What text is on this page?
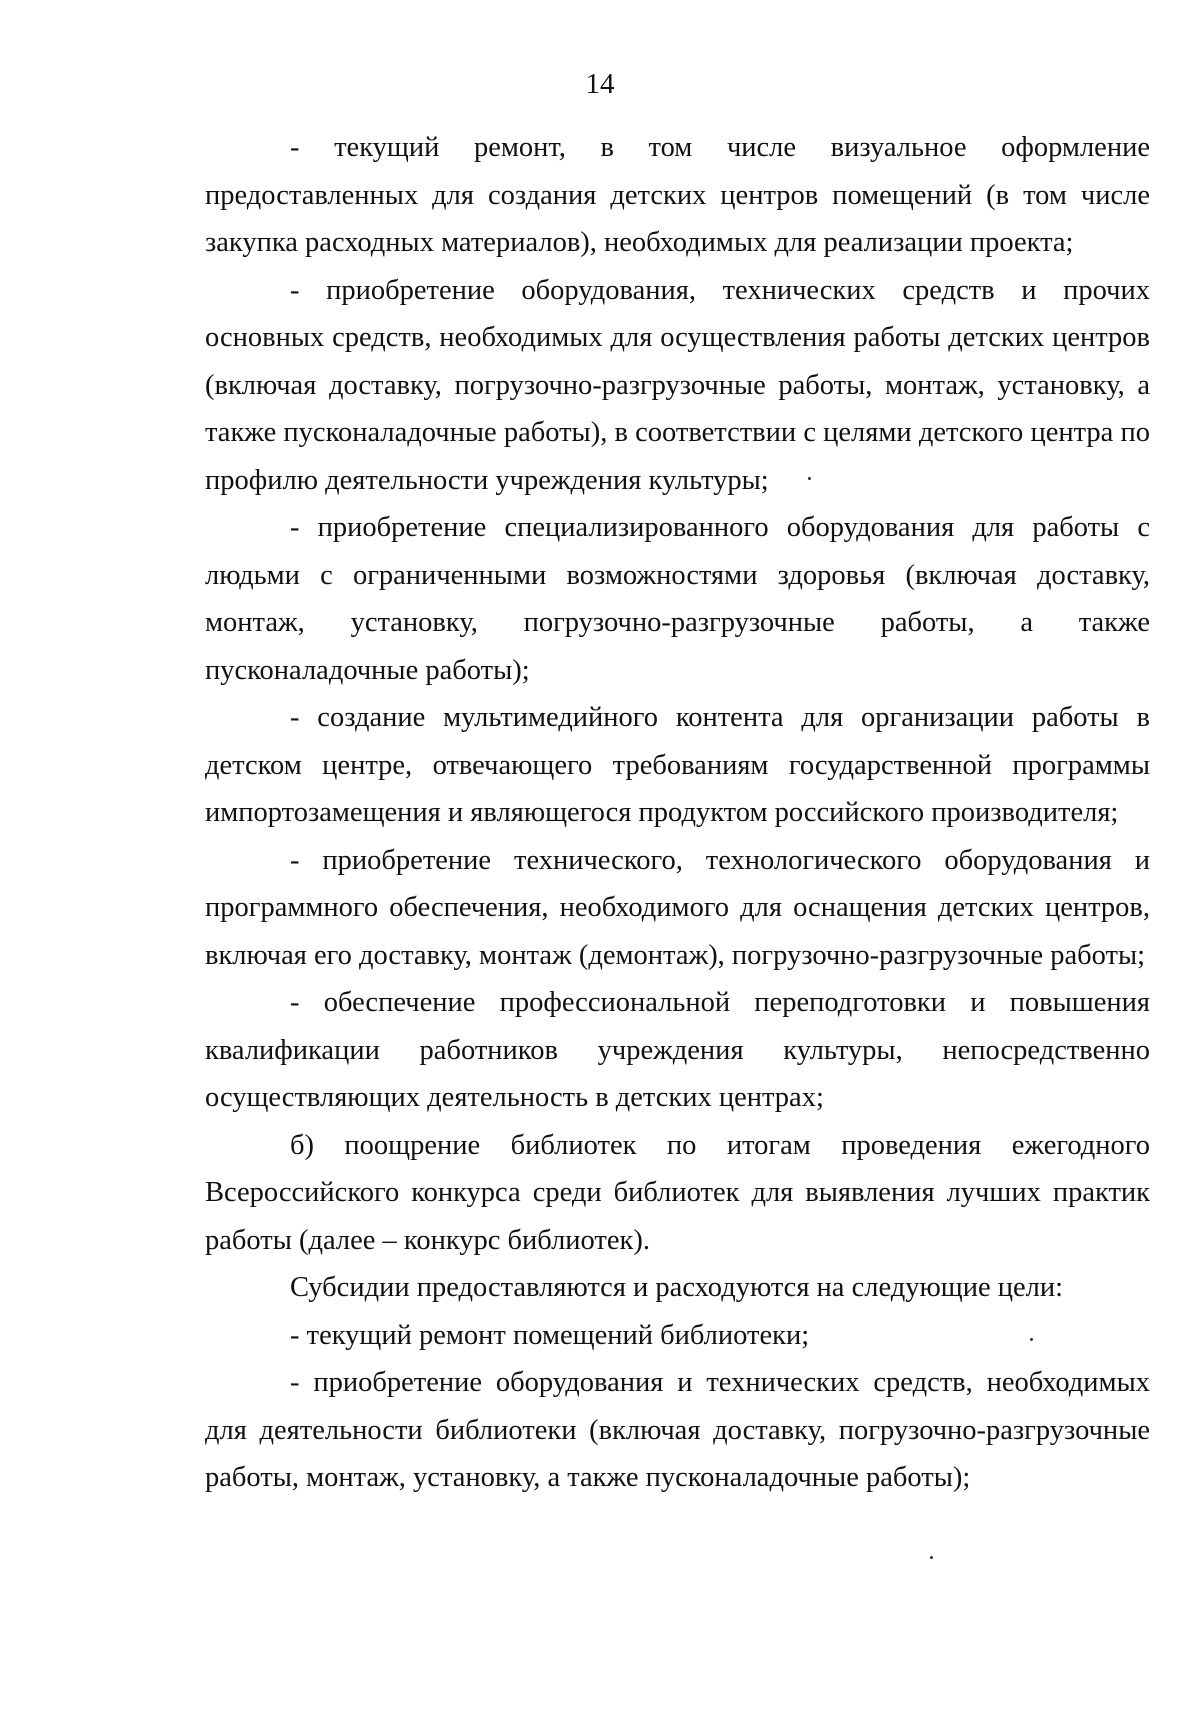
14

- текущий ремонт, в том числе визуальное оформление предоставленных для создания детских центров помещений (в том числе закупка расходных материалов), необходимых для реализации проекта;

- приобретение оборудования, технических средств и прочих основных средств, необходимых для осуществления работы детских центров (включая доставку, погрузочно-разгрузочные работы, монтаж, установку, а также пусконаладочные работы), в соответствии с целями детского центра по профилю деятельности учреждения культуры;

- приобретение специализированного оборудования для работы с людьми с ограниченными возможностями здоровья (включая доставку, монтаж, установку, погрузочно-разгрузочные работы, а также пусконаладочные работы);

- создание мультимедийного контента для организации работы в детском центре, отвечающего требованиям государственной программы импортозамещения и являющегося продуктом российского производителя;

- приобретение технического, технологического оборудования и программного обеспечения, необходимого для оснащения детских центров, включая его доставку, монтаж (демонтаж), погрузочно-разгрузочные работы;

- обеспечение профессиональной переподготовки и повышения квалификации работников учреждения культуры, непосредственно осуществляющих деятельность в детских центрах;

б) поощрение библиотек по итогам проведения ежегодного Всероссийского конкурса среди библиотек для выявления лучших практик работы (далее – конкурс библиотек).

Субсидии предоставляются и расходуются на следующие цели:

- текущий ремонт помещений библиотеки;

- приобретение оборудования и технических средств, необходимых для деятельности библиотеки (включая доставку, погрузочно-разгрузочные работы, монтаж, установку, а также пусконаладочные работы);
